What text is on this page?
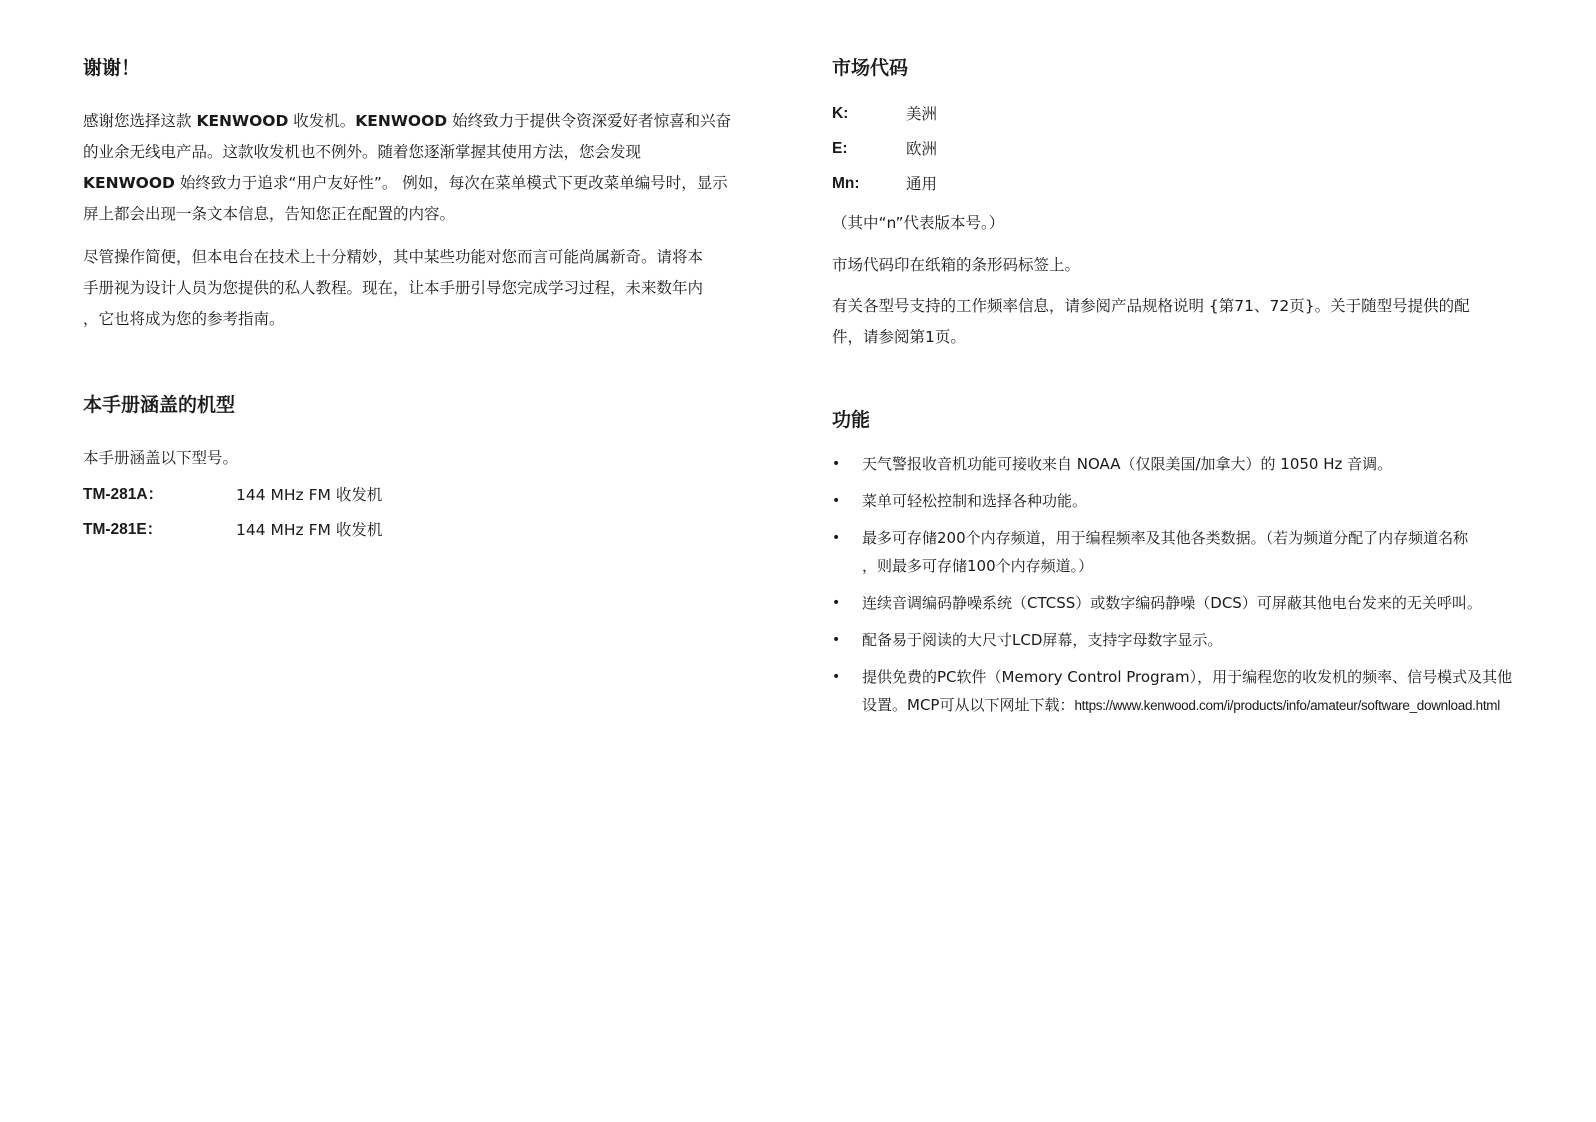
谢谢！
感谢您选择这款 KENWOOD 收发机。KENWOOD 始终致力于提供令资深爱好者惊喜和兴奋
的业余无线电产品。这款收发机也不例外。随着您逐渐掌握其使用方法，您会发现
KENWOOD 始终致力于追求“用户友好性”。 例如，每次在菜单模式下更改菜单编号时，显示
屏上都会出现一条文本信息，告知您正在配置的内容。
尽管操作简便，但本电台在技术上十分精妙，其中某些功能对您而言可能尚属新奇。请将本
手册视为设计人员为您提供的私人教程。现在，让本手册引导您完成学习过程，未来数年内
，它也将成为您的参考指南。
本手册涵盖的机型
本手册涵盖以下型号。
TM-281A：	144 MHz FM 收发机
TM-281E：	144 MHz FM 收发机
市场代码
K:	美洲
E:	欧洲
Mn:	通用
（其中“n”代表版本号。）
市场代码印在纸箱的条形码标签上。
有关各型号支持的工作频率信息，请参阅产品规格说明 {第71、72页}。关于随型号提供的配
件，请参阅第1页。
功能
• 天气警报收音机功能可接收来自 NOAA（仅限美国/加拿大）的 1050 Hz 音调。
• 菜单可轻松控制和选择各种功能。
• 最多可存储200个内存频道，用于编程频率及其他各类数据。（若为频道分配了内存频道名称
，则最多可存储100个内存频道。）
• 连续音调编码静噪系统（CTCSS）或数字编码静噪（DCS）可屏蔽其他电台发来的无关呼叫。
• 配备易于阅读的大尺寸LCD屏幕，支持字母数字显示。
• 提供免费的PC软件（Memory Control Program），用于编程您的收发机的频率、信号模式及其他
设置。MCP可从以下网址下载：https://www.kenwood.com/i/products/info/amateur/software_download.html
